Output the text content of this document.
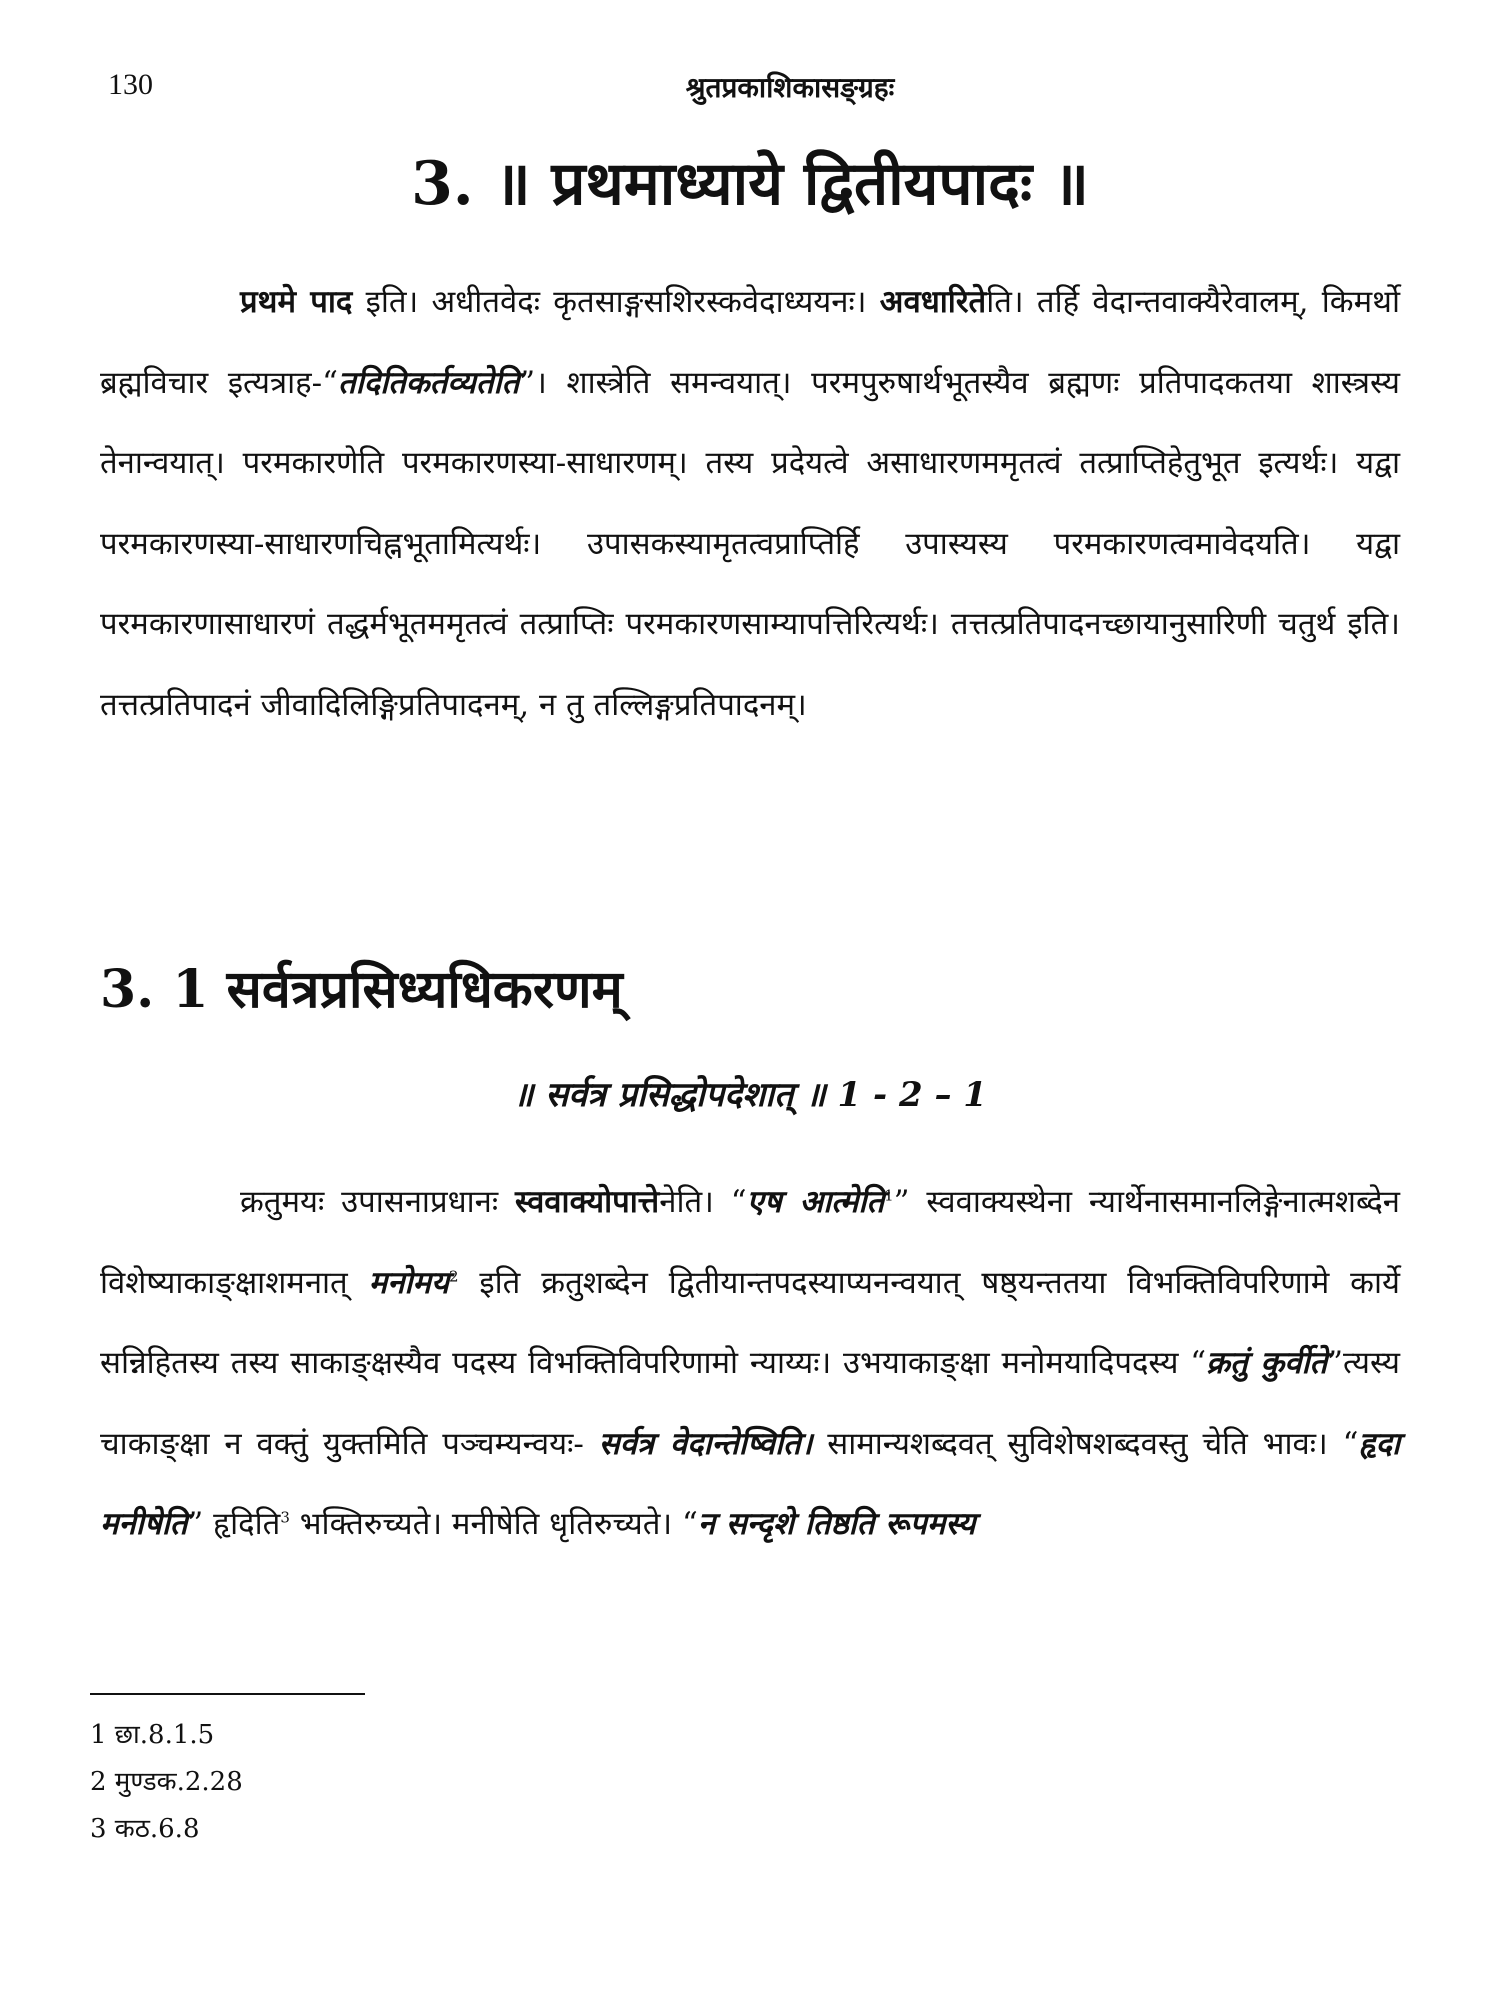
130	श्रुतप्रकाशिकासङ्ग्रहः
3. ॥ प्रथमाध्याये द्वितीयपादः ॥

प्रथमे पाद इति। अधीतवेदः कृतसाङ्गसशिरस्कवेदाध्ययनः। अवधारितेति। तर्हि वेदान्तवाक्यैरेवालम्, किमर्थो ब्रह्मविचार इत्यत्राह-“तदितिकर्तव्यतेति”। शास्त्रेति समन्वयात्। परमपुरुषार्थभूतस्यैव ब्रह्मणः प्रतिपादकतया शास्त्रस्य तेनान्वयात्। परमकारणेति परमकारणस्या-साधारणम्। तस्य प्रदेयत्वे असाधारणममृतत्वं तत्प्राप्तिहेतुभूत इत्यर्थः। यद्वा परमकारणस्या-साधारणचिह्नभूतामित्यर्थः। उपासकस्यामृतत्वप्राप्तिर्हि उपास्यस्य परमकारणत्वमावेदयति। यद्वा परमकारणासाधारणं तद्धर्मभूतममृतत्वं तत्प्राप्तिः परमकारणसाम्यापत्तिरित्यर्थः। तत्तत्प्रतिपादनच्छायानुसारिणी चतुर्थ इति। तत्तत्प्रतिपादनं जीवादिलिङ्गिप्रतिपादनम्, न तु तल्लिङ्गप्रतिपादनम्।

3. 1 सर्वत्रप्रसिध्यधिकरणम्

॥ सर्वत्र प्रसिद्धोपदेशात् ॥ 1 - 2 – 1

क्रतुमयः उपासनाप्रधानः स्ववाक्योपात्तेनेति। “एष आत्मेति$^1$” स्ववाक्यस्थेना न्यार्थेनासमानलिङ्गेनात्मशब्देन विशेष्याकाङ्क्षाशमनात् मनोमय$^2$ इति क्रतुशब्देन द्वितीयान्तपदस्याप्यनन्वयात् षष्ठ्यन्ततया विभक्तिविपरिणामे कार्ये सन्निहितस्य तस्य साकाङ्क्षस्यैव पदस्य विभक्तिविपरिणामो न्याय्यः। उभयाकाङ्क्षा मनोमयादिपदस्य “क्रतुं कुर्वीते”त्यस्य चाकाङ्क्षा न वक्तुं युक्तमिति पञ्चम्यन्वयः- सर्वत्र वेदान्तेष्विति। सामान्यशब्दवत् सुविशेषशब्दवस्तु चेति भावः। “हृदा मनीषेति” हृदिति$^3$ भक्तिरुच्यते। मनीषेति धृतिरुच्यते। “न सन्दृशे तिष्ठति रूपमस्य

1 छा.8.1.5
2 मुण्डक.2.28
3 कठ.6.8
